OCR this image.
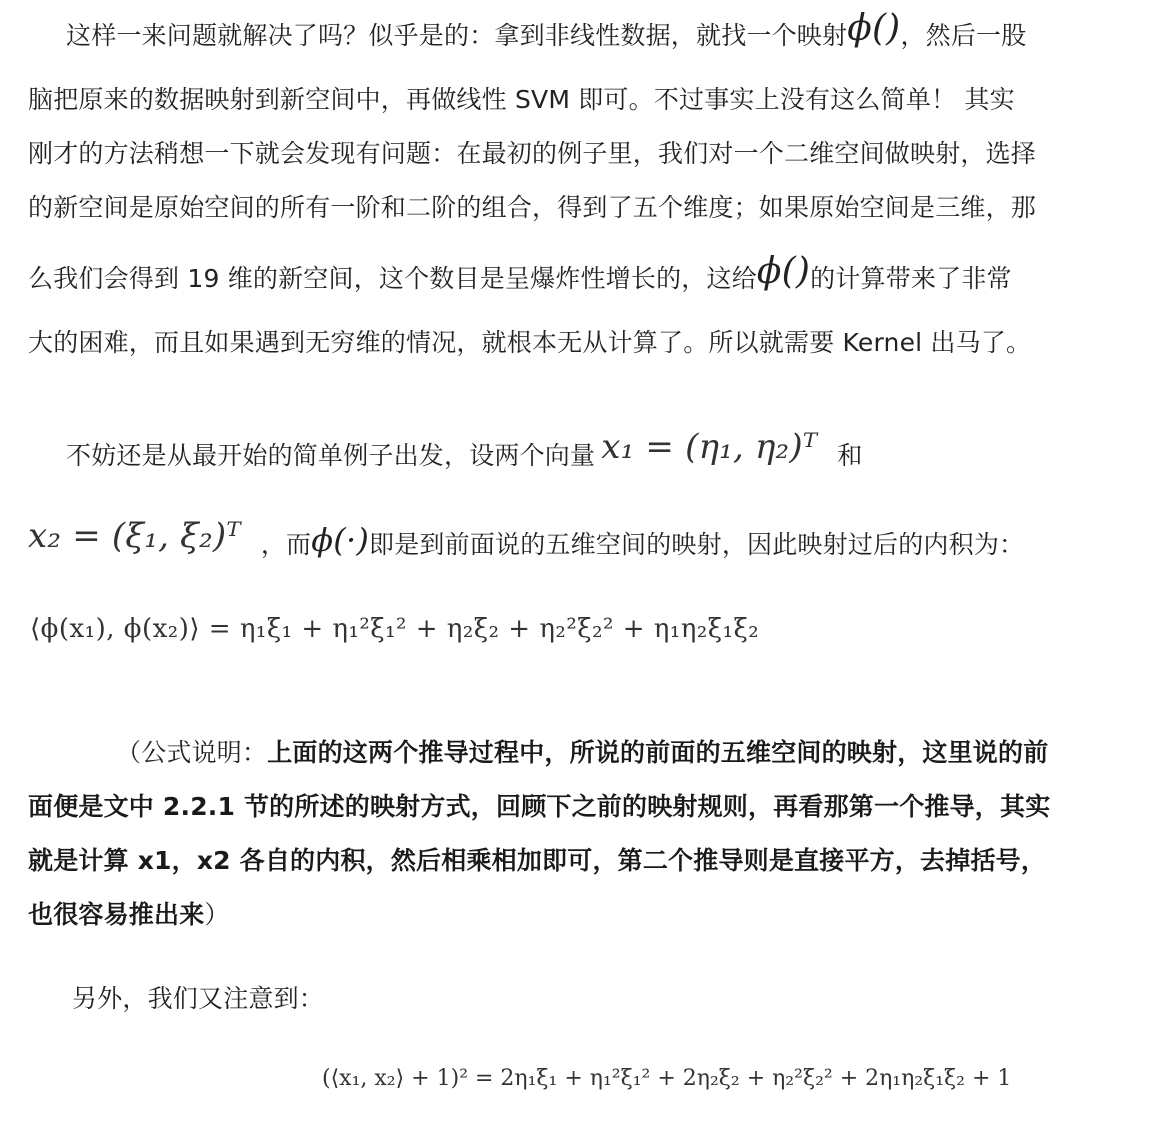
这样一来问题就解决了吗？似乎是的：拿到非线性数据，就找一个映射ϕ()，然后一股
脑把原来的数据映射到新空间中，再做线性 SVM 即可。不过事实上没有这么简单！ 其实
刚才的方法稍想一下就会发现有问题：在最初的例子里，我们对一个二维空间做映射，选择
的新空间是原始空间的所有一阶和二阶的组合，得到了五个维度；如果原始空间是三维，那
么我们会得到 19 维的新空间，这个数目是呈爆炸性增长的，这给ϕ()的计算带来了非常
大的困难，而且如果遇到无穷维的情况，就根本无从计算了。所以就需要 Kernel 出马了。
不妨还是从最开始的简单例子出发，设两个向量 x₁ = (η₁, η₂)ᵀ 和
x₂ = (ξ₁, ξ₂)ᵀ ，而ϕ(·)即是到前面说的五维空间的映射，因此映射过后的内积为：
⟨ϕ(x₁), ϕ(x₂)⟩ = η₁ξ₁ + η₁²ξ₁² + η₂ξ₂ + η₂²ξ₂² + η₁η₂ξ₁ξ₂
（公式说明：上面的这两个推导过程中，所说的前面的五维空间的映射，这里说的前
面便是文中 2.2.1 节的所述的映射方式，回顾下之前的映射规则，再看那第一个推导，其实
就是计算 x1，x2 各自的内积，然后相乘相加即可，第二个推导则是直接平方，去掉括号，
也很容易推出来）
另外，我们又注意到：
(⟨x₁, x₂⟩ + 1)² = 2η₁ξ₁ + η₁²ξ₁² + 2η₂ξ₂ + η₂²ξ₂² + 2η₁η₂ξ₁ξ₂ + 1
